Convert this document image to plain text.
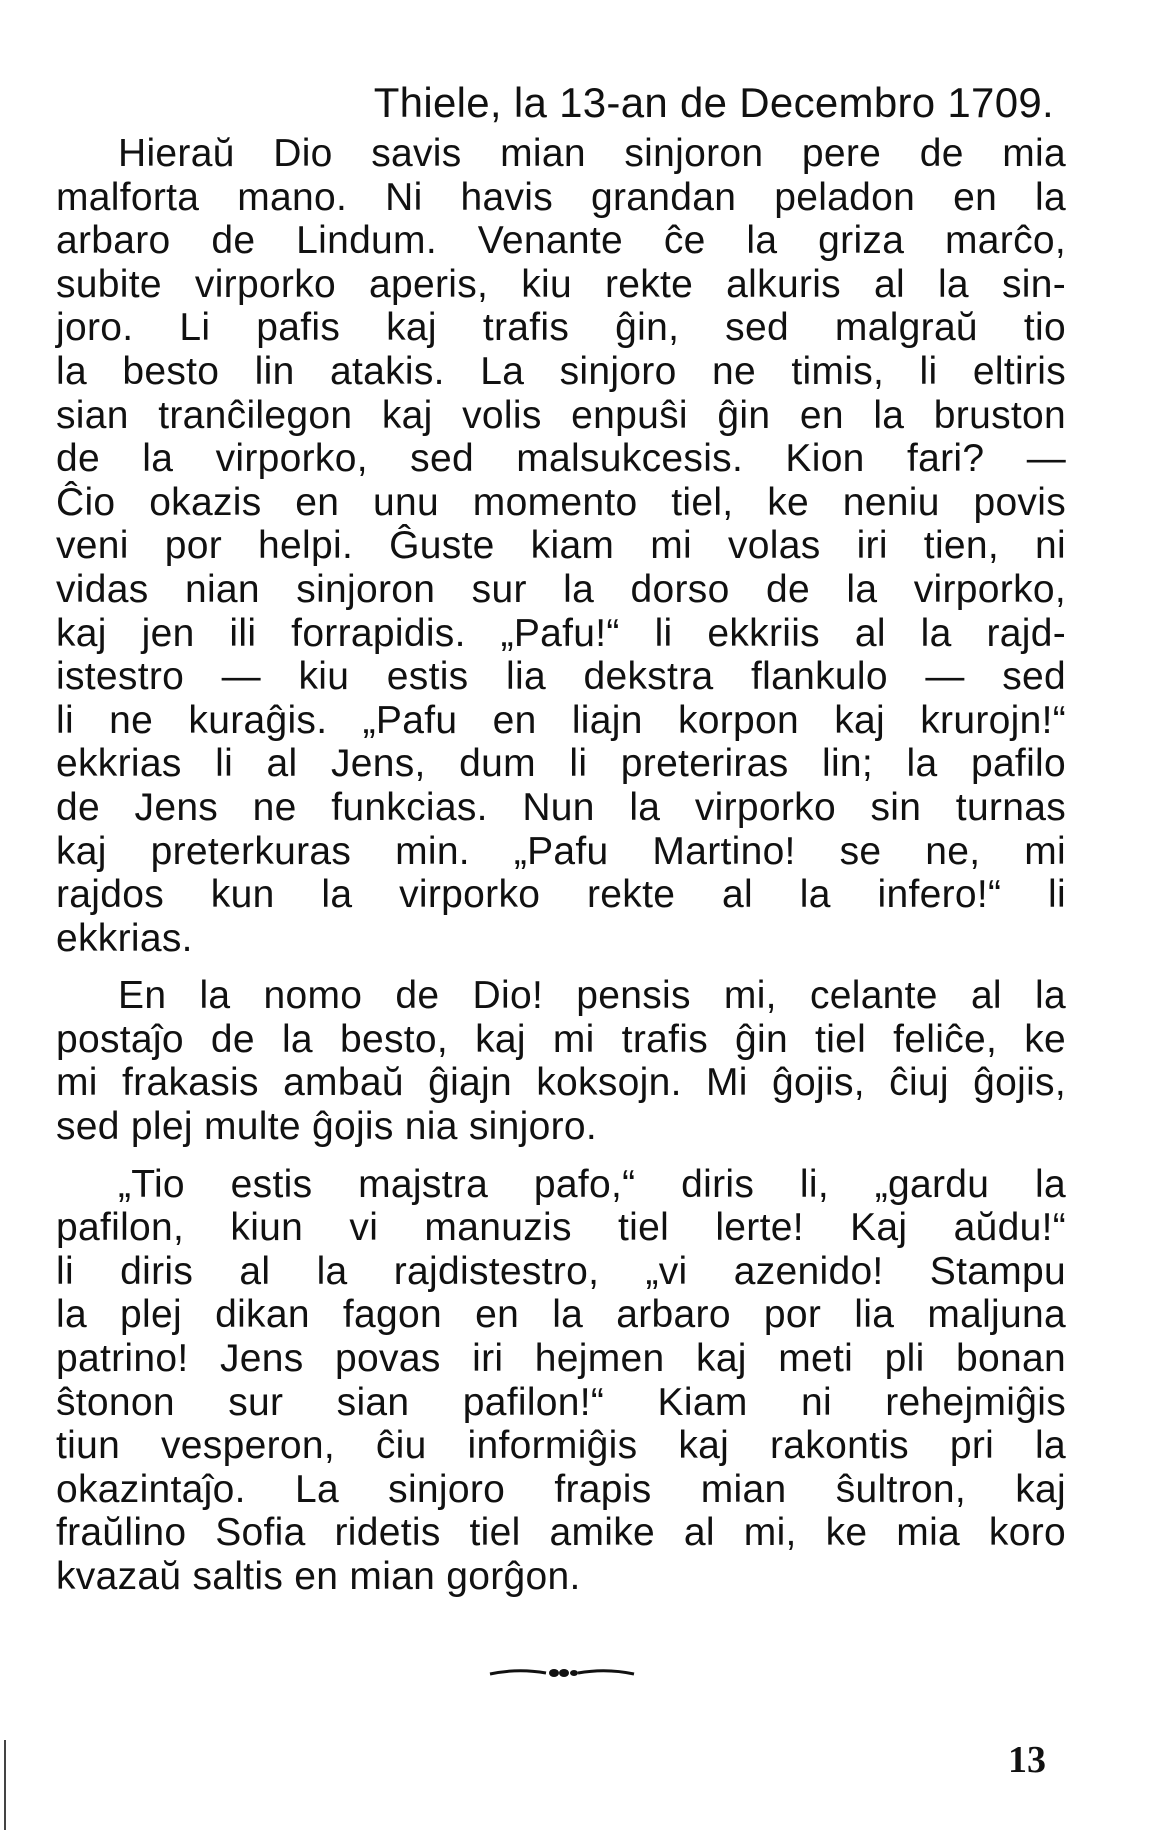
Thiele, la 13-an de Decembro 1709.
Hieraŭ Dio savis mian sinjoron pere de mia
malforta mano. Ni havis grandan peladon en la
arbaro de Lindum. Venante ĉe la griza marĉo,
subite virporko aperis, kiu rekte alkuris al la sin-
joro. Li pafis kaj trafis ĝin, sed malgraŭ tio
la besto lin atakis. La sinjoro ne timis, li eltiris
sian tranĉilegon kaj volis enpuŝi ĝin en la bruston
de la virporko, sed malsukcesis. Kion fari? —
Ĉio okazis en unu momento tiel, ke neniu povis
veni por helpi. Ĝuste kiam mi volas iri tien, ni
vidas nian sinjoron sur la dorso de la virporko,
kaj jen ili forrapidis. „Pafu!“ li ekkriis al la rajd-
istestro — kiu estis lia dekstra flankulo — sed
li ne kuraĝis. „Pafu en liajn korpon kaj krurojn!“
ekkrias li al Jens, dum li preteriras lin; la pafilo
de Jens ne funkcias. Nun la virporko sin turnas
kaj preterkuras min. „Pafu Martino! se ne, mi
rajdos kun la virporko rekte al la infero!“ li
ekkrias.
En la nomo de Dio! pensis mi, celante al la
postaĵo de la besto, kaj mi trafis ĝin tiel feliĉe, ke
mi frakasis ambaŭ ĝiajn koksojn. Mi ĝojis, ĉiuj ĝojis,
sed plej multe ĝojis nia sinjoro.
„Tio estis majstra pafo,“ diris li, „gardu la
pafilon, kiun vi manuzis tiel lerte! Kaj aŭdu!“
li diris al la rajdistestro, „vi azenido! Stampu
la plej dikan fagon en la arbaro por lia maljuna
patrino! Jens povas iri hejmen kaj meti pli bonan
ŝtonon sur sian pafilon!“ Kiam ni rehejmiĝis
tiun vesperon, ĉiu informiĝis kaj rakontis pri la
okazintaĵo. La sinjoro frapis mian ŝultron, kaj
fraŭlino Sofia ridetis tiel amike al mi, ke mia koro
kvazaŭ saltis en mian gorĝon.
13
